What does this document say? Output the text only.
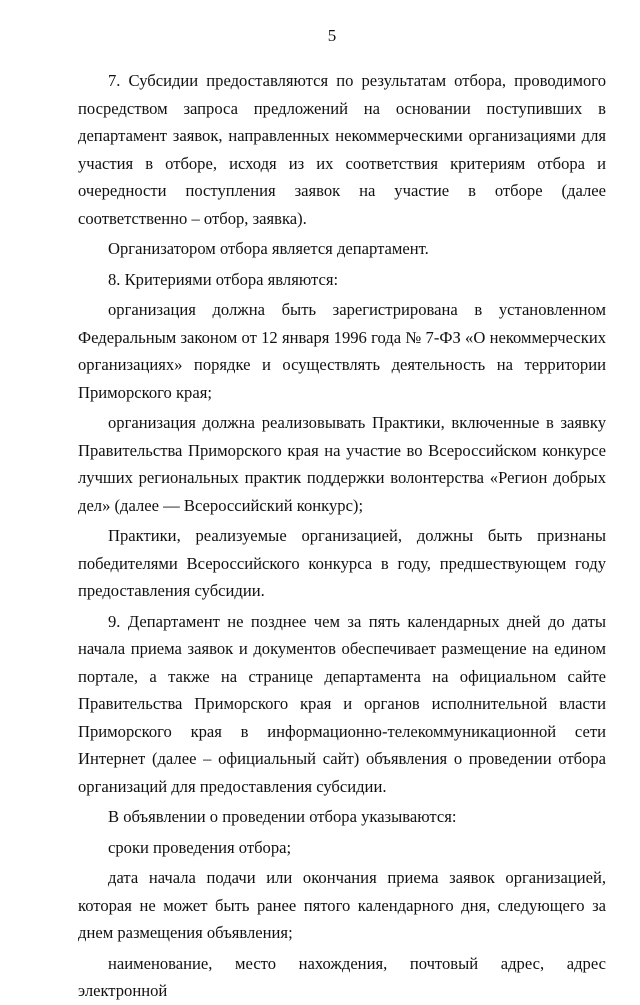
5

7. Субсидии предоставляются по результатам отбора, проводимого посредством запроса предложений на основании поступивших в департамент заявок, направленных некоммерческими организациями для участия в отборе, исходя из их соответствия критериям отбора и очередности поступления заявок на участие в отборе (далее соответственно – отбор, заявка).

Организатором отбора является департамент.

8. Критериями отбора являются:

организация должна быть зарегистрирована в установленном Федеральным законом от 12 января 1996 года № 7-ФЗ «О некоммерческих организациях» порядке и осуществлять деятельность на территории Приморского края;

организация должна реализовывать Практики, включенные в заявку Правительства Приморского края на участие во Всероссийском конкурсе лучших региональных практик поддержки волонтерства «Регион добрых дел» (далее — Всероссийский конкурс);

Практики, реализуемые организацией, должны быть признаны победителями Всероссийского конкурса в году, предшествующем году предоставления субсидии.

9. Департамент не позднее чем за пять календарных дней до даты начала приема заявок и документов обеспечивает размещение на едином портале, а также на странице департамента на официальном сайте Правительства Приморского края и органов исполнительной власти Приморского края в информационно-телекоммуникационной сети Интернет (далее – официальный сайт) объявления о проведении отбора организаций для предоставления субсидии.

В объявлении о проведении отбора указываются:

сроки проведения отбора;

дата начала подачи или окончания приема заявок организацией, которая не может быть ранее пятого календарного дня, следующего за днем размещения объявления;

наименование, место нахождения, почтовый адрес, адрес электронной
